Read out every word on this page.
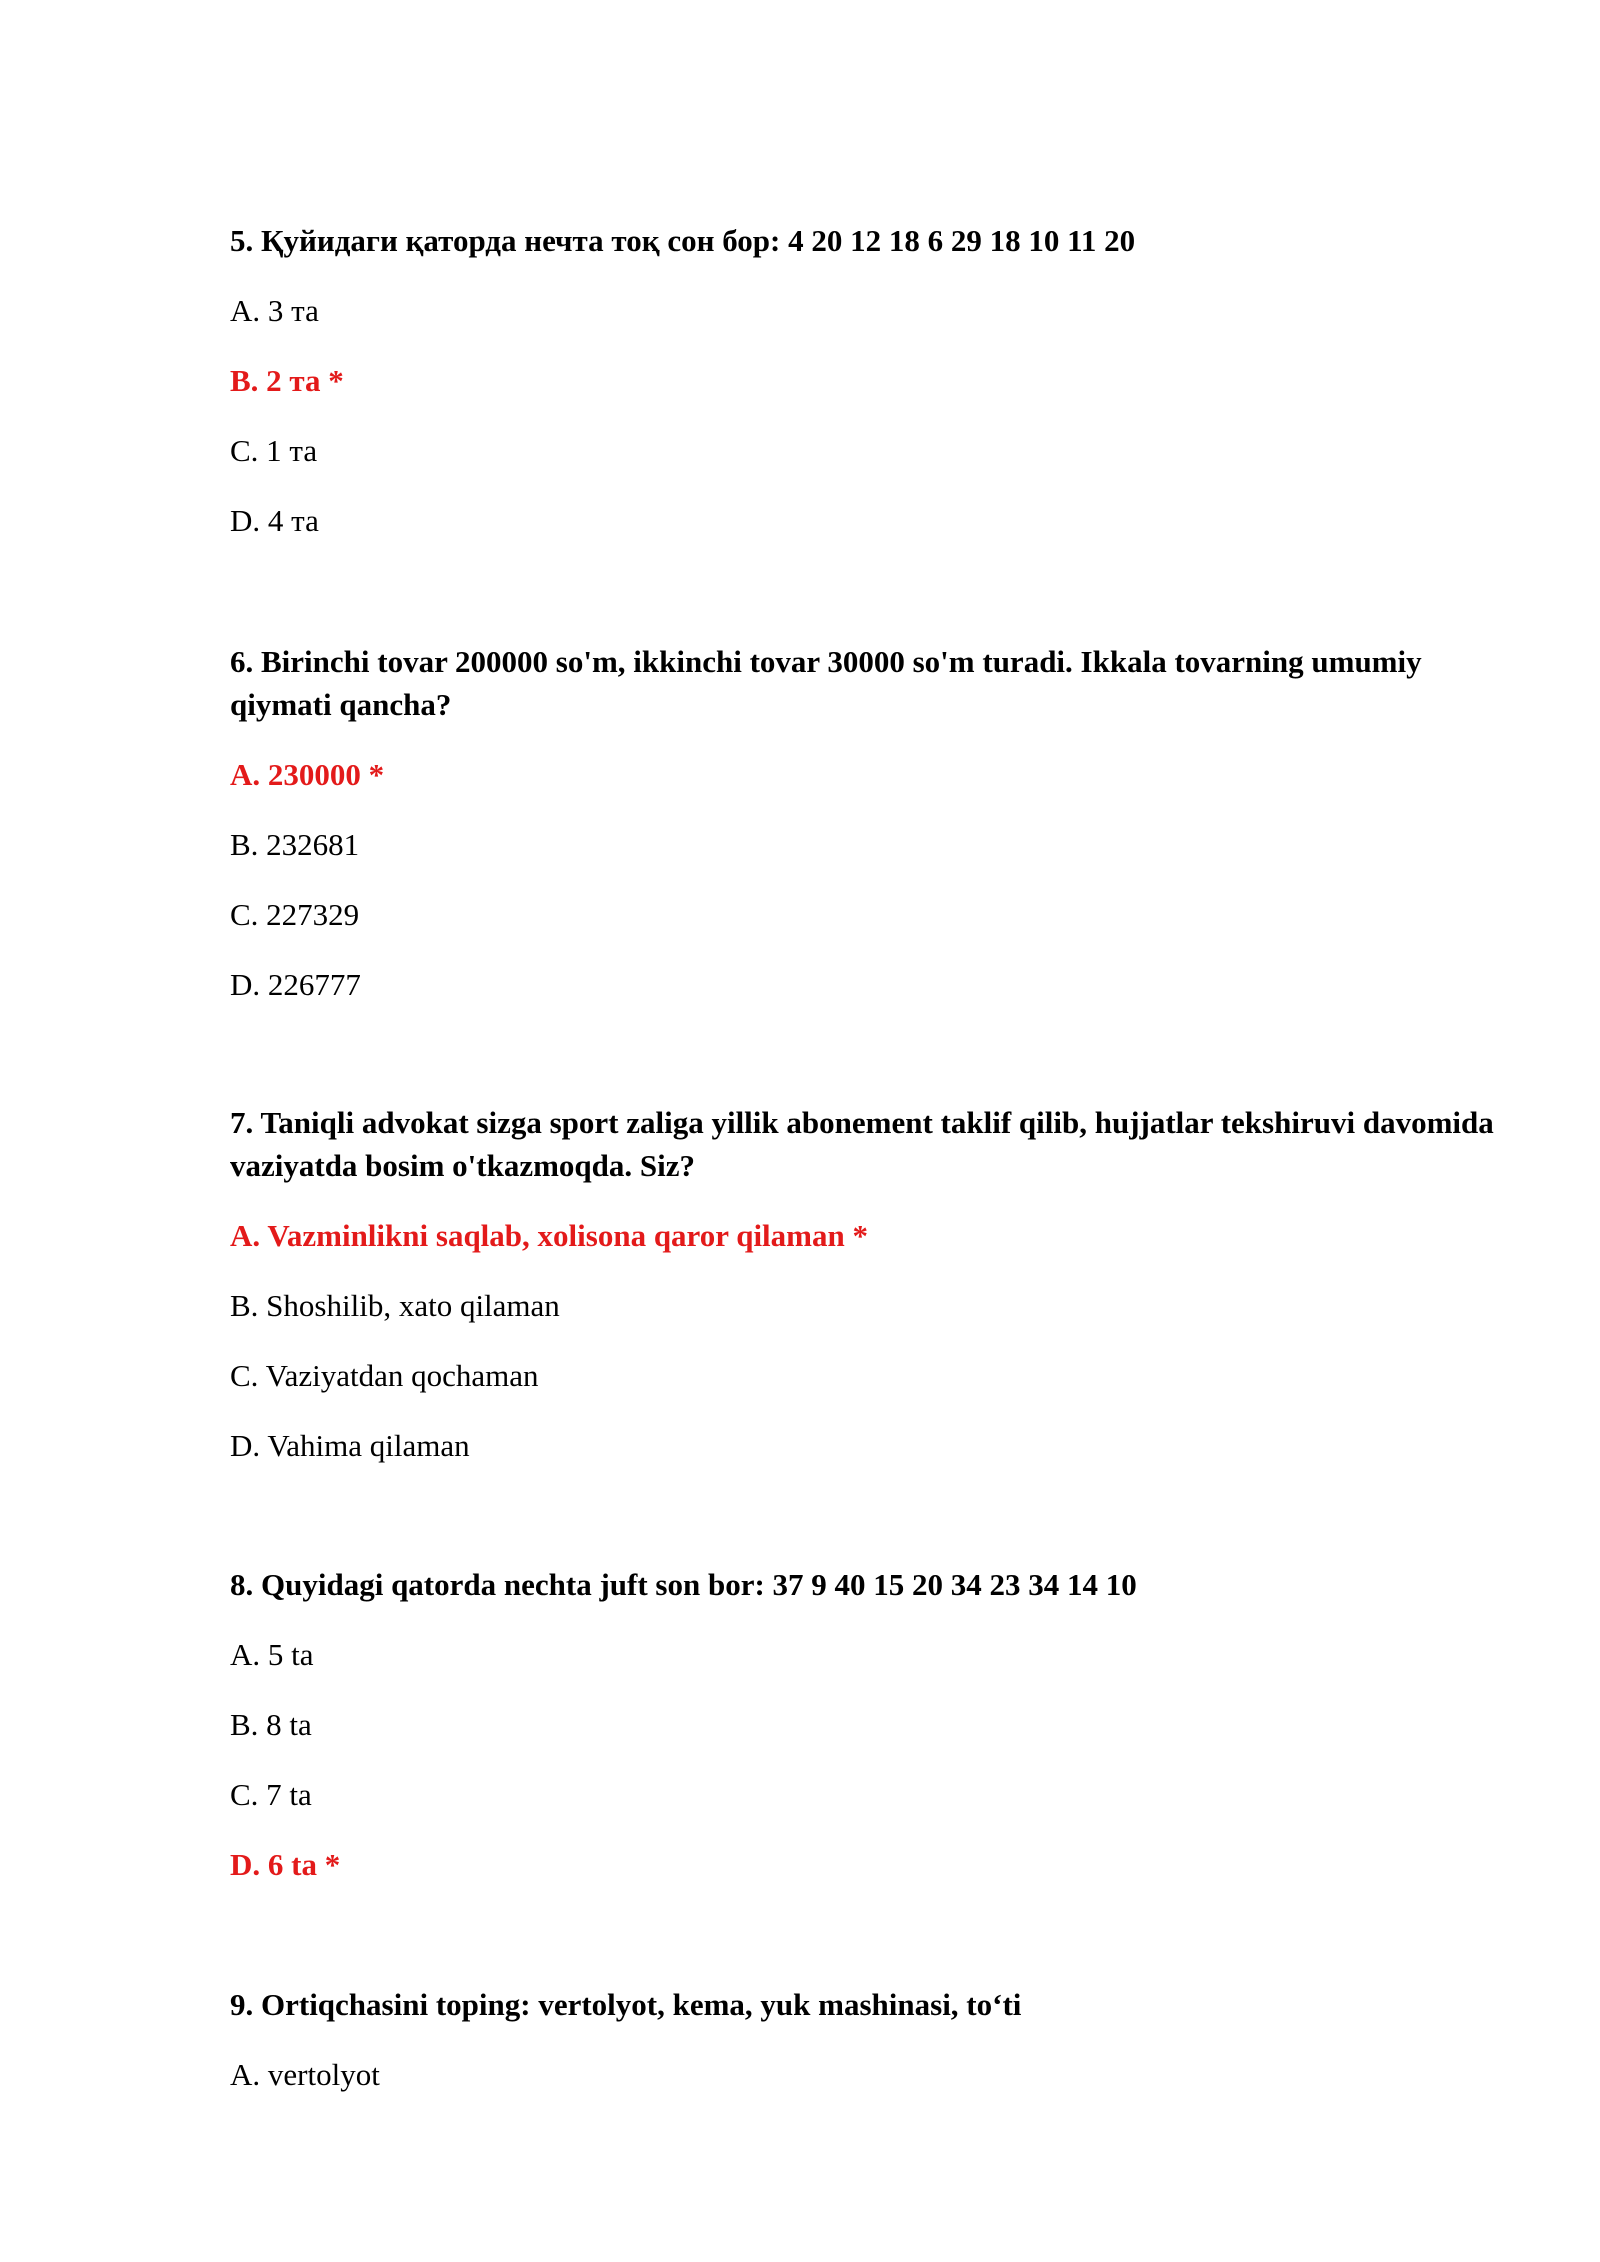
5. Қуйидаги қаторда нечта тоқ сон бор: 4 20 12 18 6 29 18 10 11 20

A. 3 та
B. 2 та *
C. 1 та
D. 4 та

6. Birinchi tovar 200000 so'm, ikkinchi tovar 30000 so'm turadi. Ikkala tovarning umumiy qiymati qancha?

A. 230000 *
B. 232681
C. 227329
D. 226777

7. Taniqli advokat sizga sport zaliga yillik abonement taklif qilib, hujjatlar tekshiruvi davomida vaziyatda bosim o'tkazmoqda. Siz?

A. Vazminlikni saqlab, xolisona qaror qilaman *
B. Shoshilib, xato qilaman
C. Vaziyatdan qochaman
D. Vahima qilaman

8. Quyidagi qatorda nechta juft son bor: 37 9 40 15 20 34 23 34 14 10

A. 5 ta
B. 8 ta
C. 7 ta
D. 6 ta *

9. Ortiqchasini toping: vertolyot, kema, yuk mashinasi, to‘ti

A. vertolyot
